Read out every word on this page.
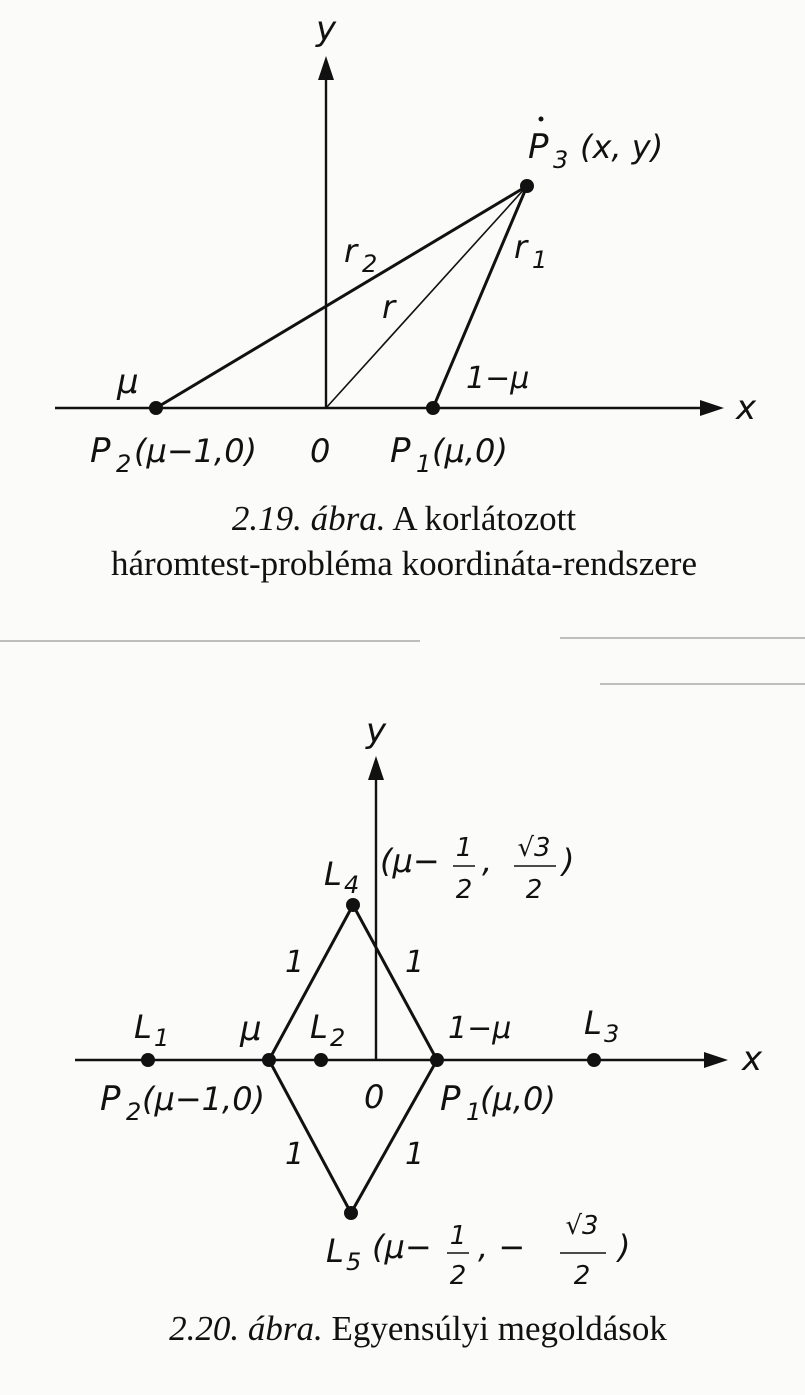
y
x
P 3 (x, y)
r 2
r
r 1
μ	1−μ
P 2 (μ−1,0) 0 P 1 (μ,0)
2.19. ábra. A korlátozott
háromtest-probléma koordináta-rendszere
y
x
L 4
(μ− 1
2
, √3
2
)
1	1
1	1
L 1 μ L 2	1−μ L 3
P 2 (μ−1,0)	0 P 1
(μ,0)
L 5 (μ− 1
2
, −
√3
2
)
2.20. ábra. Egyensúlyi megoldások
